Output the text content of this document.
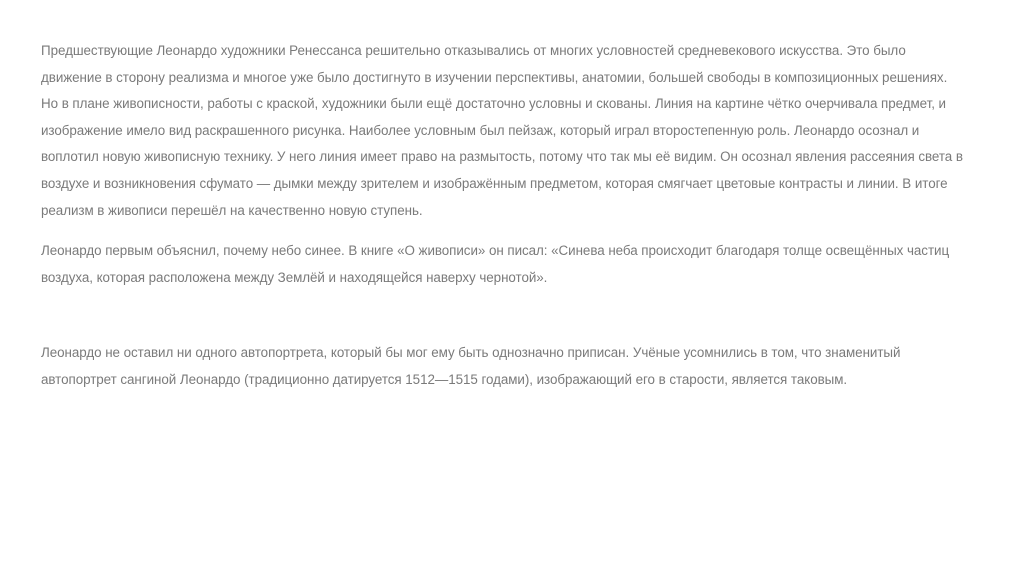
Предшествующие Леонардо художники Ренессанса решительно отказывались от многих условностей средневекового искусства. Это было
движение в сторону реализма и многое уже было достигнуто в изучении перспективы, анатомии, большей свободы в композиционных решениях.
Но в плане живописности, работы с краской, художники были ещё достаточно условны и скованы. Линия на картине чётко очерчивала предмет, и
изображение имело вид раскрашенного рисунка. Наиболее условным был пейзаж, который играл второстепенную роль. Леонардо осознал и
воплотил новую живописную технику. У него линия имеет право на размытость, потому что так мы её видим. Он осознал явления рассеяния света в
воздухе и возникновения сфумато — дымки между зрителем и изображённым предметом, которая смягчает цветовые контрасты и линии. В итоге
реализм в живописи перешёл на качественно новую ступень.

Леонардо первым объяснил, почему небо синее. В книге «О живописи» он писал: «Синева неба происходит благодаря толще освещённых частиц
воздуха, которая расположена между Землёй и находящейся наверху чернотой».

Леонардо не оставил ни одного автопортрета, который бы мог ему быть однозначно приписан. Учёные усомнились в том, что знаменитый
автопортрет сангиной Леонардо (традиционно датируется 1512—1515 годами), изображающий его в старости, является таковым.
